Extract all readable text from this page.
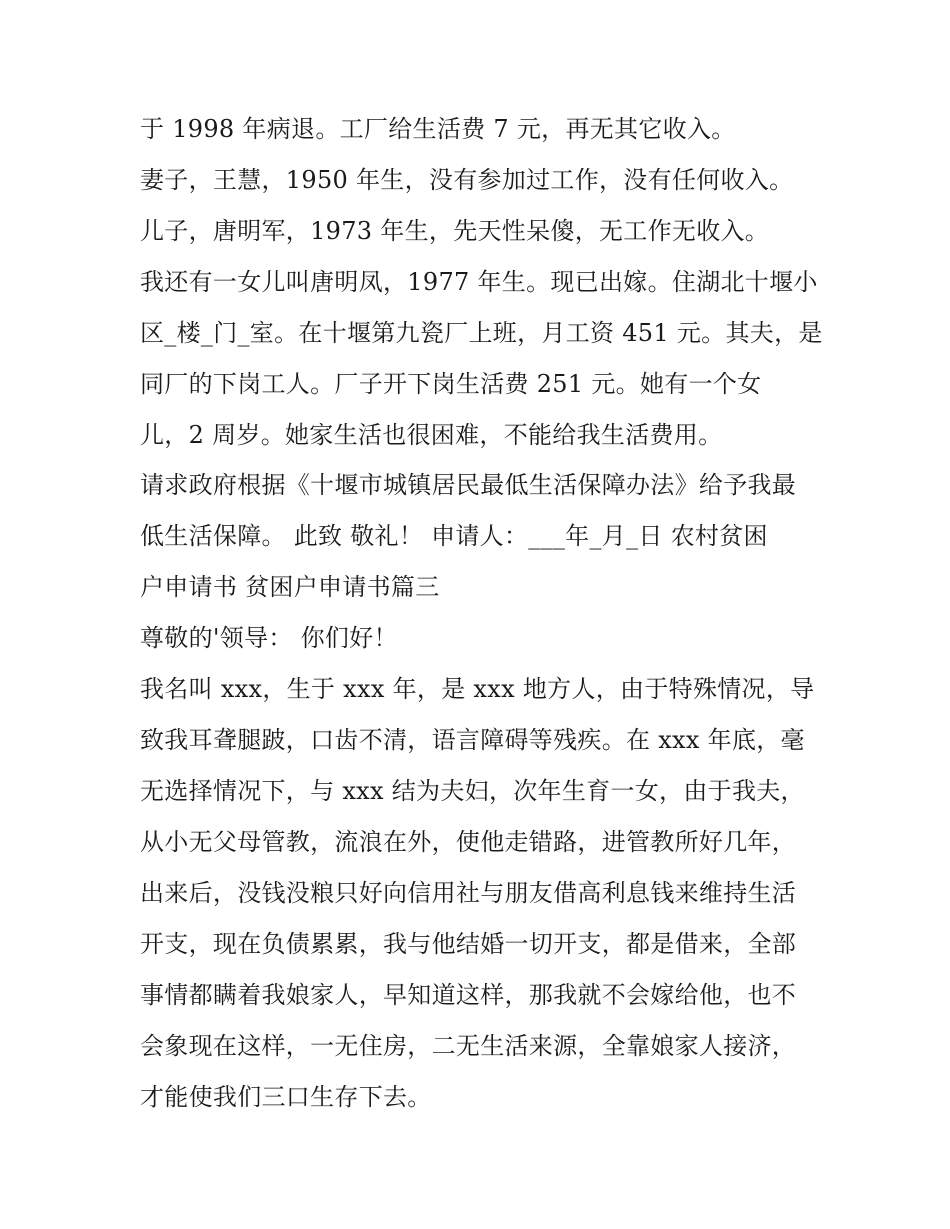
于 1998 年病退。工厂给生活费 7 元，再无其它收入。
妻子，王慧，1950 年生，没有参加过工作，没有任何收入。
儿子，唐明军，1973 年生，先天性呆傻，无工作无收入。
我还有一女儿叫唐明凤，1977 年生。现已出嫁。住湖北十堰小
区_楼_门_室。在十堰第九瓷厂上班，月工资 451 元。其夫，是
同厂的下岗工人。厂子开下岗生活费 251 元。她有一个女
儿，2 周岁。她家生活也很困难，不能给我生活费用。
请求政府根据《十堰市城镇居民最低生活保障办法》给予我最
低生活保障。 此致 敬礼！ 申请人：___年_月_日 农村贫困
户申请书 贫困户申请书篇三
尊敬的'领导： 你们好！
我名叫 xxx，生于 xxx 年，是 xxx 地方人，由于特殊情况，导
致我耳聋腿跛，口齿不清，语言障碍等残疾。在 xxx 年底，毫
无选择情况下，与 xxx 结为夫妇，次年生育一女，由于我夫，
从小无父母管教，流浪在外，使他走错路，进管教所好几年，
出来后，没钱没粮只好向信用社与朋友借高利息钱来维持生活
开支，现在负债累累，我与他结婚一切开支，都是借来，全部
事情都瞒着我娘家人，早知道这样，那我就不会嫁给他，也不
会象现在这样，一无住房，二无生活来源，全靠娘家人接济，
才能使我们三口生存下去。
